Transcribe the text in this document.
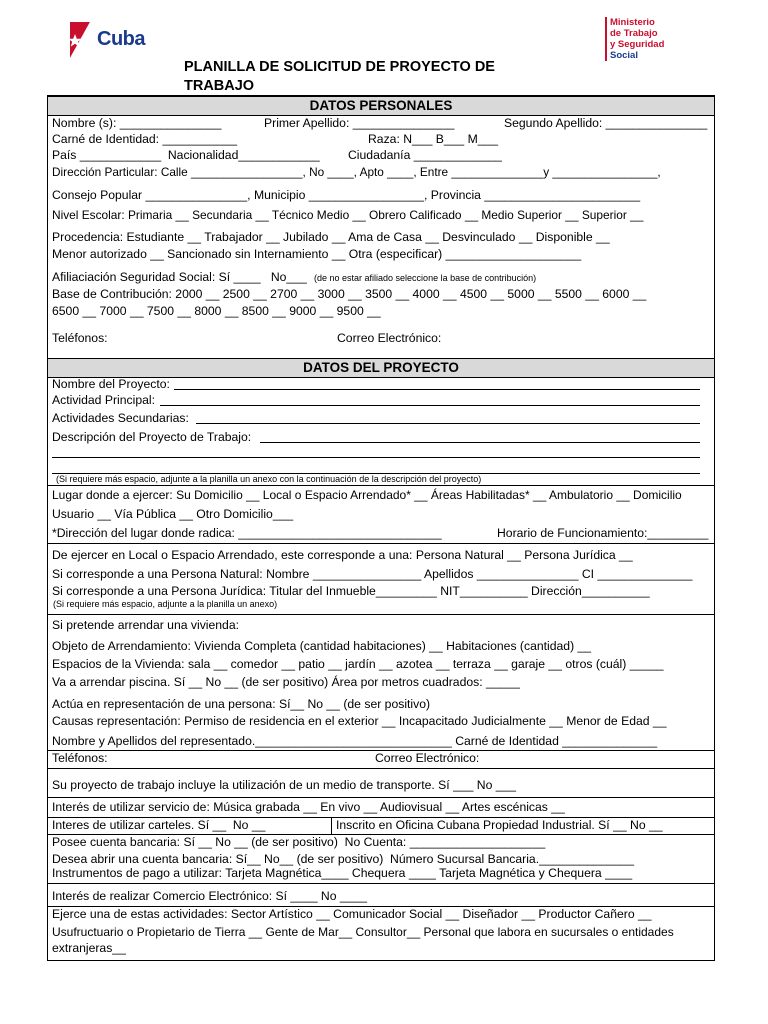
Cuba
Ministerio
de Trabajo
y Seguridad
Social
PLANILLA DE SOLICITUD DE PROYECTO DE
TRABAJO
DATOS PERSONALES
Nombre (s): _______________	Primer Apellido: _______________	Segundo Apellido: _______________
Carné de Identidad: ___________	Raza: N___ B___ M___
País ____________  Nacionalidad____________ Ciudadanía _____________
Dirección Particular: Calle _________________, No ____, Apto ____, Entre ______________y ________________,
Consejo Popular _______________, Municipio _________________, Provincia _______________________
Nivel Escolar: Primaria __ Secundaria __ Técnico Medio __ Obrero Calificado __ Medio Superior __ Superior __
Procedencia: Estudiante __ Trabajador __ Jubilado __ Ama de Casa __ Desvinculado __ Disponible __
Menor autorizado __ Sancionado sin Internamiento __ Otra (especificar) ____________________
Afiliaciación Seguridad Social: Sí ____   No___ (de no estar afiliado seleccione la base de contribución)
Base de Contribución: 2000 __ 2500 __ 2700 __ 3000 __ 3500 __ 4000 __ 4500 __ 5000 __ 5500 __ 6000 __
6500 __ 7000 __ 7500 __ 8000 __ 8500 __ 9000 __ 9500 __
Teléfonos:	Correo Electrónico:
DATOS DEL PROYECTO
Nombre del Proyecto:
Actividad Principal:
Actividades Secundarias:
Descripción del Proyecto de Trabajo:
(Si requiere más espacio, adjunte a la planilla un anexo con la continuación de la descripción del proyecto)
Lugar donde a ejercer: Su Domicilio __ Local o Espacio Arrendado* __ Áreas Habilitadas* __ Ambulatorio __ Domicilio
Usuario __ Vía Pública __ Otro Domicilio___
*Dirección del lugar donde radica: ______________________________	Horario de Funcionamiento:_________
De ejercer en Local o Espacio Arrendado, este corresponde a una: Persona Natural __ Persona Jurídica __
Si corresponde a una Persona Natural: Nombre ________________ Apellidos _______________ CI ______________
Si corresponde a una Persona Jurídica: Titular del Inmueble_________ NIT__________ Dirección__________
(Si requiere más espacio, adjunte a la planilla un anexo)
Si pretende arrendar una vivienda:
Objeto de Arrendamiento: Vivienda Completa (cantidad habitaciones) __ Habitaciones (cantidad) __
Espacios de la Vivienda: sala __ comedor __ patio __ jardín __ azotea __ terraza __ garaje __ otros (cuál) _____
Va a arrendar piscina. Sí __ No __ (de ser positivo) Área por metros cuadrados: _____
Actúa en representación de una persona: Sí__ No __ (de ser positivo)
Causas representación: Permiso de residencia en el exterior __ Incapacitado Judicialmente __ Menor de Edad __
Nombre y Apellidos del representado._____________________________ Carné de Identidad ______________
Teléfonos:	Correo Electrónico:
Su proyecto de trabajo incluye la utilización de un medio de transporte. Sí ___ No ___
Interés de utilizar servicio de: Música grabada __ En vivo __ Audiovisual __ Artes escénicas __
Interes de utilizar carteles. Sí __  No __	Inscrito en Oficina Cubana Propiedad Industrial. Sí __ No __
Posee cuenta bancaria: Sí __ No __ (de ser positivo)  No Cuenta: ____________________
Desea abrir una cuenta bancaria: Sí__ No__ (de ser positivo)  Número Sucursal Bancaria.______________
Instrumentos de pago a utilizar: Tarjeta Magnética____ Chequera ____ Tarjeta Magnética y Chequera ____
Interés de realizar Comercio Electrónico: Sí ____ No ____
Ejerce una de estas actividades: Sector Artístico __ Comunicador Social __ Diseñador __ Productor Cañero __
Usufructuario o Propietario de Tierra __ Gente de Mar__ Consultor__ Personal que labora en sucursales o entidades
extranjeras__
